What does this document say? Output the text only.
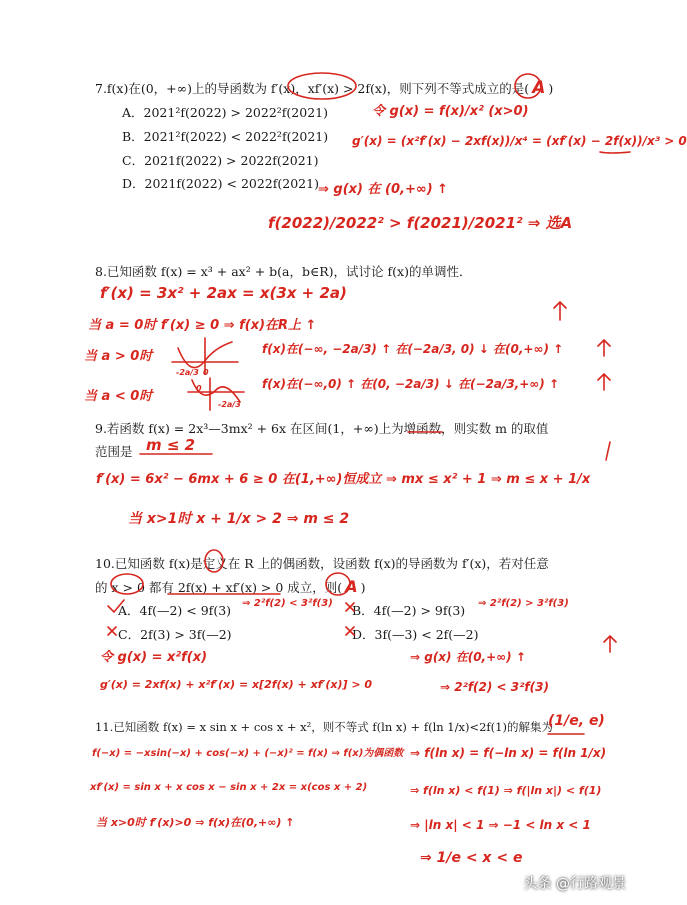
7.f(x)在(0，+∞)上的导函数为 f′(x)，xf′(x) > 2f(x)，则下列不等式成立的是( A )
A．2021²f(2022) > 2022²f(2021)
B．2021²f(2022) < 2022²f(2021)
C．2021f(2022) > 2022f(2021)
D．2021f(2022) < 2022f(2021)
令 g(x) = f(x)/x² (x>0)
g′(x) = (x²f′(x) − 2xf(x))/x⁴ = (xf′(x) − 2f(x))/x³ > 0
⇒ g(x) 在 (0,+∞) ↑
f(2022)/2022² > f(2021)/2021² ⇒ 选A
8.已知函数 f(x) = x³ + ax² + b(a，b∈R)，试讨论 f(x)的单调性．
f′(x) = 3x² + 2ax = x(3x + 2a)
当 a = 0时 f′(x) ≥ 0 ⇒ f(x)在R上 ↑
当 a > 0时	f(x)在(−∞, −2a/3) ↑ 在(−2a/3, 0) ↓ 在(0,+∞) ↑
当 a < 0时
f(x)在(−∞,0) ↑ 在(0, −2a/3) ↓ 在(−2a/3,+∞) ↑
-2a/3 0
0
-2a/3
9.若函数 f(x) = 2x³—3mx² + 6x 在区间(1，+∞)上为增函数，则实数 m 的取值
范围是 m ≤ 2
f′(x) = 6x² − 6mx + 6 ≥ 0 在(1,+∞)恒成立 ⇒ mx ≤ x² + 1 ⇒ m ≤ x + 1/x
当 x>1时 x + 1/x > 2 ⇒ m ≤ 2
10.已知函数 f(x)是定义在 R 上的偶函数，设函数 f(x)的导函数为 f′(x)，若对任意
的 x > 0 都有 2f(x) + xf′(x) > 0 成立，则( A )
A．4f(—2) < 9f(3)	B．4f(—2) > 9f(3)
C．2f(3) > 3f(—2)	D．3f(—3) < 2f(—2)
⇒ 2²f(2) < 3²f(3)	⇒ 2²f(2) > 3²f(3)
令 g(x) = x²f(x)	⇒ g(x) 在(0,+∞) ↑
g′(x) = 2xf(x) + x²f′(x) = x[2f(x) + xf′(x)] > 0	⇒ 2²f(2) < 3²f(3)
11.已知函数 f(x) = x sin x + cos x + x²，则不等式 f(ln x) + f(ln 1/x)<2f(1)的解集为
(1/e, e)
f(−x) = −xsin(−x) + cos(−x) + (−x)² = f(x) ⇒ f(x)为偶函数 ⇒ f(ln x) = f(−ln x) = f(ln 1/x)
xf′(x) = sin x + x cos x − sin x + 2x = x(cos x + 2)	⇒ f(ln x) < f(1) ⇒ f(|ln x|) < f(1)
当 x>0时 f′(x)>0 ⇒ f(x)在(0,+∞) ↑	⇒ |ln x| < 1 ⇒ −1 < ln x < 1
⇒ 1/e < x < e
头条 @行路观景
